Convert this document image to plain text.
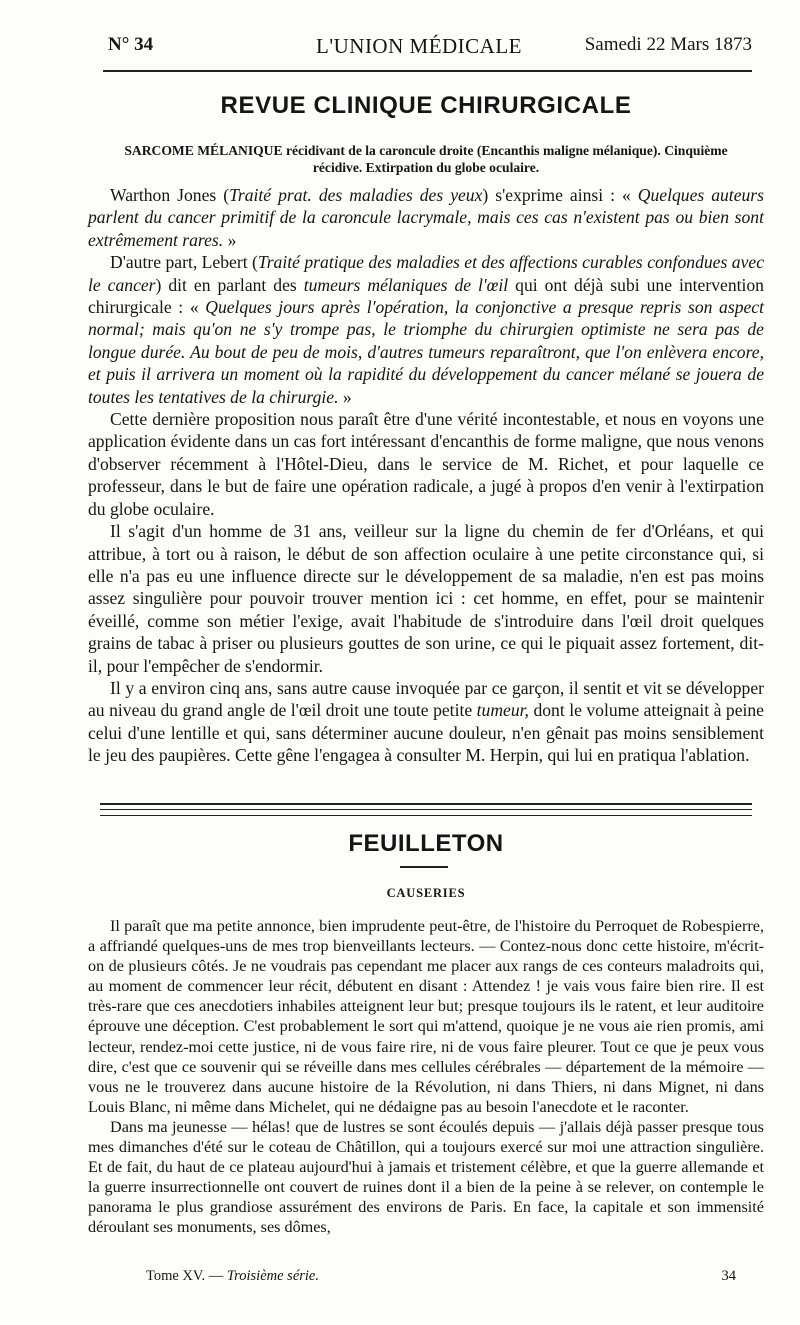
N° 34	L'UNION MÉDICALE	Samedi 22 Mars 1873
REVUE CLINIQUE CHIRURGICALE
SARCOME MÉLANIQUE récidivant de la caroncule droite (Encanthis maligne mélanique). Cinquième
récidive. Extirpation du globe oculaire.

Warthon Jones (Traité prat. des maladies des yeux) s'exprime ainsi : « Quelques auteurs parlent du cancer primitif de la caroncule lacrymale, mais ces cas n'existent pas ou bien sont extrêmement rares. »

D'autre part, Lebert (Traité pratique des maladies et des affections curables confondues avec le cancer) dit en parlant des tumeurs mélaniques de l'œil qui ont déjà subi une intervention chirurgicale : « Quelques jours après l'opération, la conjonctive a presque repris son aspect normal; mais qu'on ne s'y trompe pas, le triomphe du chirurgien optimiste ne sera pas de longue durée. Au bout de peu de mois, d'autres tumeurs reparaîtront, que l'on enlèvera encore, et puis il arrivera un moment où la rapidité du développement du cancer mélané se jouera de toutes les tentatives de la chirurgie. »

Cette dernière proposition nous paraît être d'une vérité incontestable, et nous en voyons une application évidente dans un cas fort intéressant d'encanthis de forme maligne, que nous venons d'observer récemment à l'Hôtel-Dieu, dans le service de M. Richet, et pour laquelle ce professeur, dans le but de faire une opération radicale, a jugé à propos d'en venir à l'extirpation du globe oculaire.

Il s'agit d'un homme de 31 ans, veilleur sur la ligne du chemin de fer d'Orléans, et qui attribue, à tort ou à raison, le début de son affection oculaire à une petite circonstance qui, si elle n'a pas eu une influence directe sur le développement de sa maladie, n'en est pas moins assez singulière pour pouvoir trouver mention ici : cet homme, en effet, pour se maintenir éveillé, comme son métier l'exige, avait l'habitude de s'introduire dans l'œil droit quelques grains de tabac à priser ou plusieurs gouttes de son urine, ce qui le piquait assez fortement, dit-il, pour l'empêcher de s'endormir.

Il y a environ cinq ans, sans autre cause invoquée par ce garçon, il sentit et vit se développer au niveau du grand angle de l'œil droit une toute petite tumeur, dont le volume atteignait à peine celui d'une lentille et qui, sans déterminer aucune douleur, n'en gênait pas moins sensiblement le jeu des paupières. Cette gêne l'engagea à consulter M. Herpin, qui lui en pratiqua l'ablation.

FEUILLETON
CAUSERIES

Il paraît que ma petite annonce, bien imprudente peut-être, de l'histoire du Perroquet de Robespierre, a affriandé quelques-uns de mes trop bienveillants lecteurs. — Contez-nous donc cette histoire, m'écrit-on de plusieurs côtés. Je ne voudrais pas cependant me placer aux rangs de ces conteurs maladroits qui, au moment de commencer leur récit, débutent en disant : Attendez ! je vais vous faire bien rire. Il est très-rare que ces anecdotiers inhabiles atteignent leur but; presque toujours ils le ratent, et leur auditoire éprouve une déception. C'est probablement le sort qui m'attend, quoique je ne vous aie rien promis, ami lecteur, rendez-moi cette justice, ni de vous faire rire, ni de vous faire pleurer. Tout ce que je peux vous dire, c'est que ce souvenir qui se réveille dans mes cellules cérébrales — département de la mémoire — vous ne le trouverez dans aucune histoire de la Révolution, ni dans Thiers, ni dans Mignet, ni dans Louis Blanc, ni même dans Michelet, qui ne dédaigne pas au besoin l'anecdote et le raconter.

Dans ma jeunesse — hélas! que de lustres se sont écoulés depuis — j'allais déjà passer presque tous mes dimanches d'été sur le coteau de Châtillon, qui a toujours exercé sur moi une attraction singulière. Et de fait, du haut de ce plateau aujourd'hui à jamais et tristement célèbre, et que la guerre allemande et la guerre insurrectionnelle ont couvert de ruines dont il a bien de la peine à se relever, on contemple le panorama le plus grandiose assurément des environs de Paris. En face, la capitale et son immensité déroulant ses monuments, ses dômes,

Tome XV. — Troisième série.	34
